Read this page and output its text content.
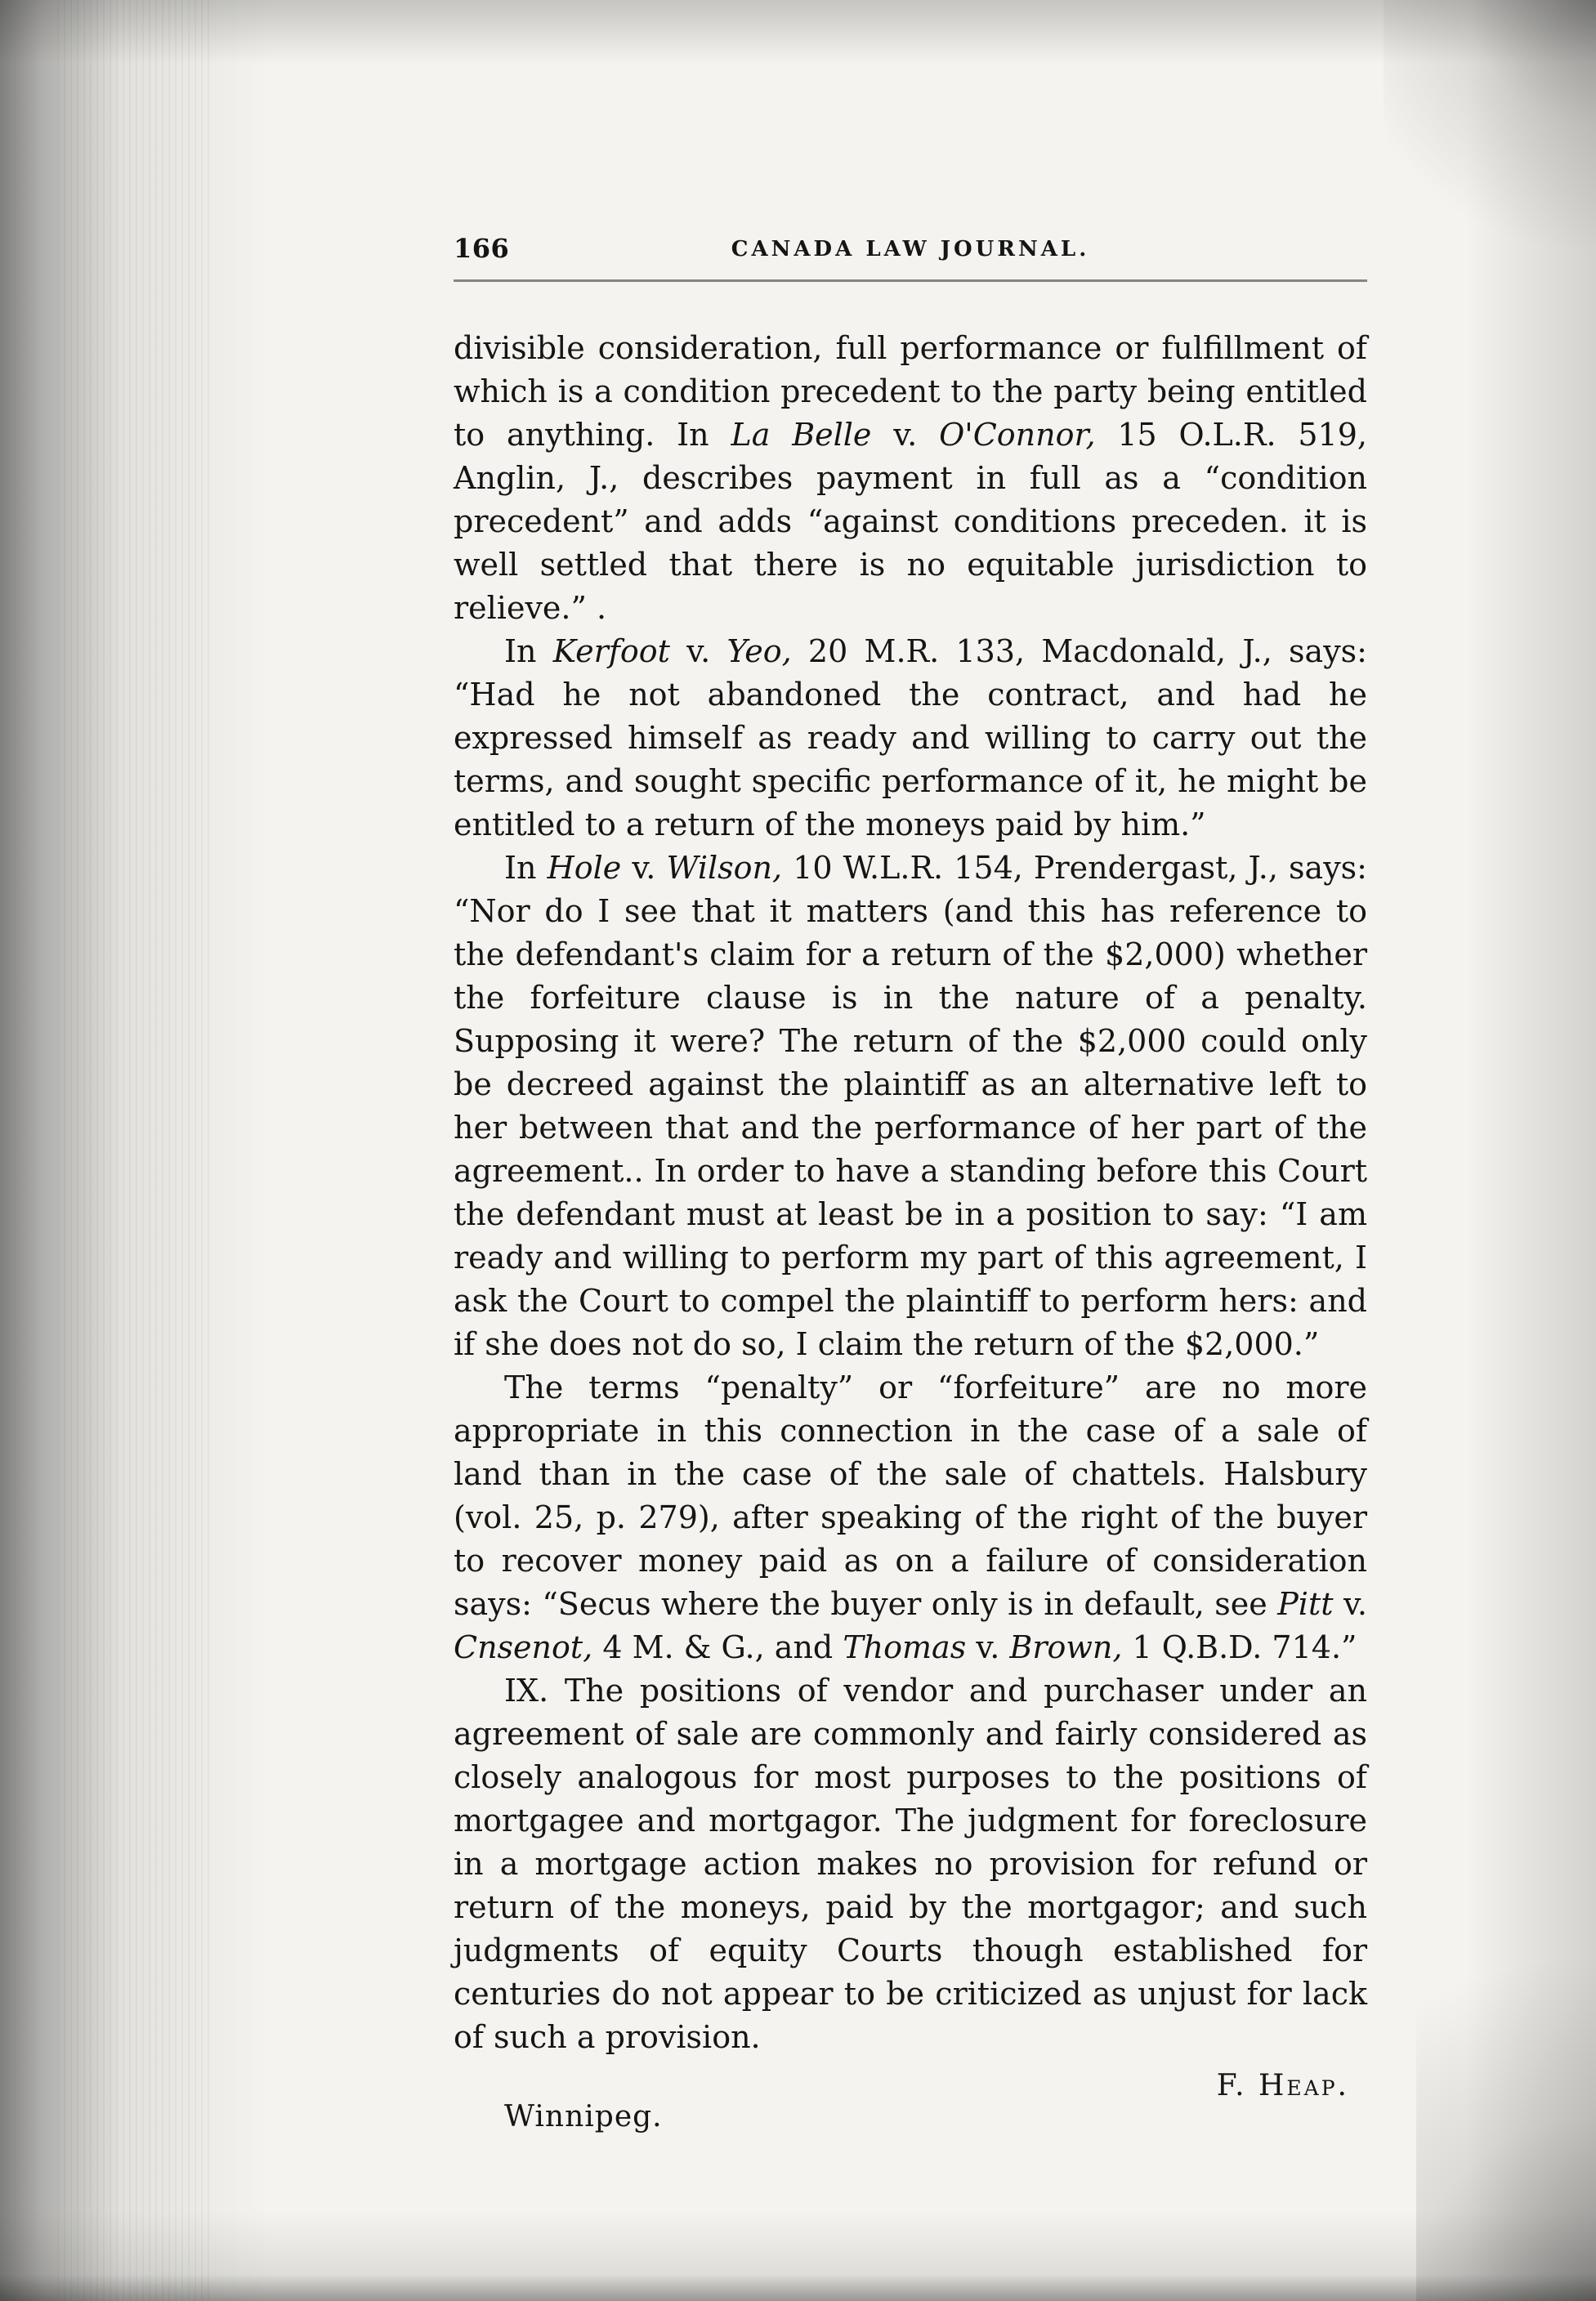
166	CANADA LAW JOURNAL.

divisible consideration, full performance or fulfillment of which is a condition precedent to the party being entitled to anything. In La Belle v. O'Connor, 15 O.L.R. 519, Anglin, J., describes payment in full as a “condition precedent” and adds “against conditions preceden. it is well settled that there is no equitable jurisdiction to relieve.” .

In Kerfoot v. Yeo, 20 M.R. 133, Macdonald, J., says: “Had he not abandoned the contract, and had he expressed himself as ready and willing to carry out the terms, and sought specific performance of it, he might be entitled to a return of the moneys paid by him.”

In Hole v. Wilson, 10 W.L.R. 154, Prendergast, J., says: “Nor do I see that it matters (and this has reference to the defendant's claim for a return of the $2,000) whether the forfeiture clause is in the nature of a penalty. Supposing it were? The return of the $2,000 could only be decreed against the plaintiff as an alternative left to her between that and the performance of her part of the agreement.. In order to have a standing before this Court the defendant must at least be in a position to say: “I am ready and willing to perform my part of this agreement, I ask the Court to compel the plaintiff to perform hers: and if she does not do so, I claim the return of the $2,000.”

The terms “penalty” or “forfeiture” are no more appropriate in this connection in the case of a sale of land than in the case of the sale of chattels. Halsbury (vol. 25, p. 279), after speaking of the right of the buyer to recover money paid as on a failure of consideration says: “Secus where the buyer only is in default, see Pitt v. Cnsenot, 4 M. & G., and Thomas v. Brown, 1 Q.B.D. 714.”

IX. The positions of vendor and purchaser under an agreement of sale are commonly and fairly considered as closely analogous for most purposes to the positions of mortgagee and mortgagor. The judgment for foreclosure in a mortgage action makes no provision for refund or return of the moneys, paid by the mortgagor; and such judgments of equity Courts though established for centuries do not appear to be criticized as unjust for lack of such a provision.

Winnipeg.
F. Heap.
